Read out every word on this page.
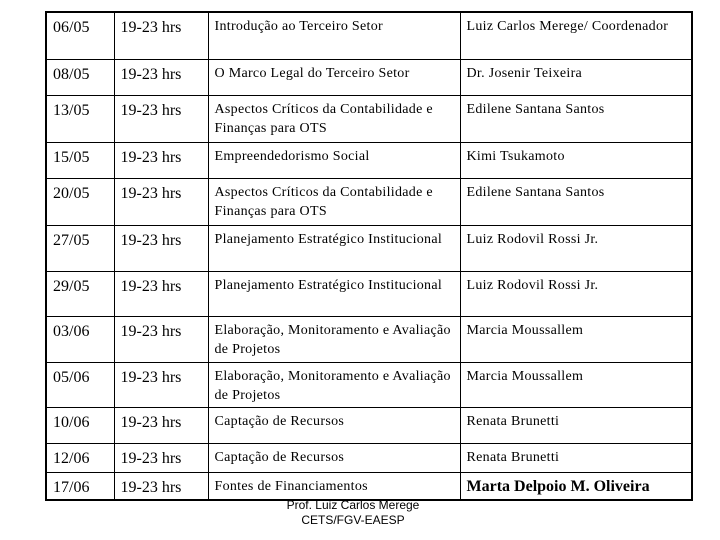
06/05	19-23 hrs	Introdução ao Terceiro Setor	Luiz Carlos Merege/ Coordenador
08/05	19-23 hrs	O Marco Legal do Terceiro Setor	Dr. Josenir Teixeira
13/05	19-23 hrs	Aspectos Críticos da Contabilidade e Finanças para OTS	Edilene Santana Santos
15/05	19-23 hrs	Empreendedorismo Social	Kimi Tsukamoto
20/05	19-23 hrs	Aspectos Críticos da Contabilidade e Finanças para OTS	Edilene Santana Santos
27/05	19-23 hrs	Planejamento Estratégico Institucional	Luiz Rodovil Rossi Jr.
29/05	19-23 hrs	Planejamento Estratégico Institucional	Luiz Rodovil Rossi Jr.
03/06	19-23 hrs	Elaboração, Monitoramento e Avaliação de Projetos	Marcia Moussallem
05/06	19-23 hrs	Elaboração, Monitoramento e Avaliação de Projetos	Marcia Moussallem
10/06	19-23 hrs	Captação de Recursos	Renata Brunetti
12/06	19-23 hrs	Captação de Recursos	Renata Brunetti
17/06	19-23 hrs	Fontes de Financiamentos	Marta Delpoio M. Oliveira
Prof. Luiz Carlos Merege
CETS/FGV-EAESP
